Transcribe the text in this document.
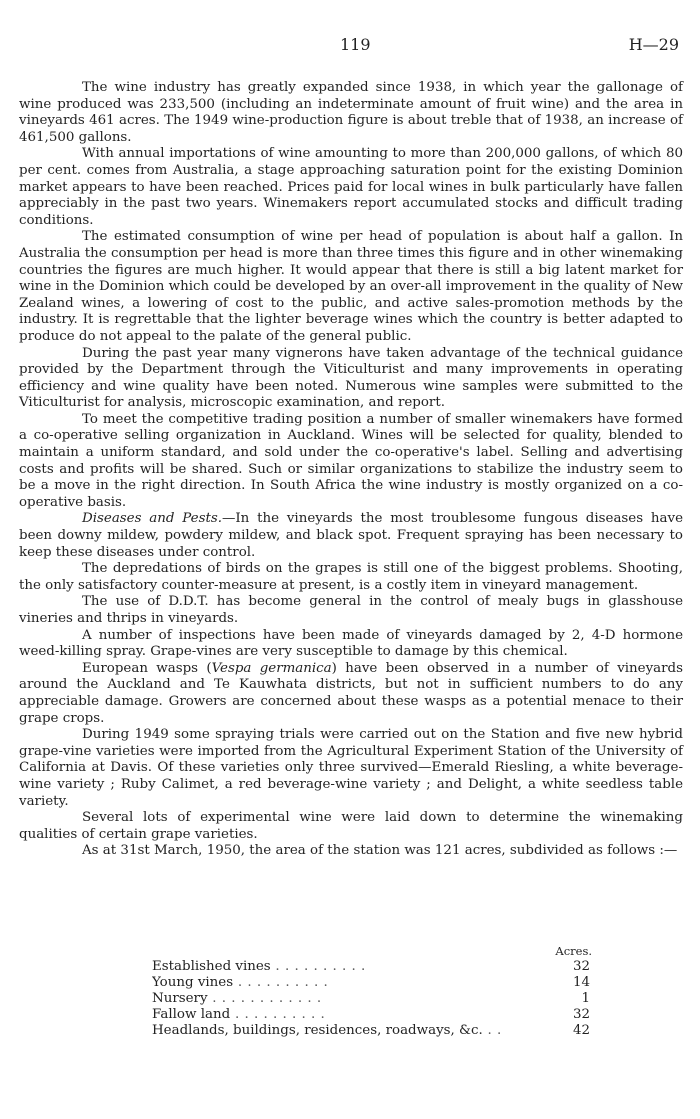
119	H—29

The wine industry has greatly expanded since 1938, in which year the gallonage of wine produced was 233,500 (including an indeterminate amount of fruit wine) and the area in vineyards 461 acres. The 1949 wine-production figure is about treble that of 1938, an increase of 461,500 gallons.

With annual importations of wine amounting to more than 200,000 gallons, of which 80 per cent. comes from Australia, a stage approaching saturation point for the existing Dominion market appears to have been reached. Prices paid for local wines in bulk particularly have fallen appreciably in the past two years. Winemakers report accumulated stocks and difficult trading conditions.

The estimated consumption of wine per head of population is about half a gallon. In Australia the consumption per head is more than three times this figure and in other winemaking countries the figures are much higher. It would appear that there is still a big latent market for wine in the Dominion which could be developed by an over-all improvement in the quality of New Zealand wines, a lowering of cost to the public, and active sales-promotion methods by the industry. It is regrettable that the lighter beverage wines which the country is better adapted to produce do not appeal to the palate of the general public.

During the past year many vignerons have taken advantage of the technical guidance provided by the Department through the Viticulturist and many improvements in operating efficiency and wine quality have been noted. Numerous wine samples were submitted to the Viticulturist for analysis, microscopic examination, and report.

To meet the competitive trading position a number of smaller winemakers have formed a co-operative selling organization in Auckland. Wines will be selected for quality, blended to maintain a uniform standard, and sold under the co-operative's label. Selling and advertising costs and profits will be shared. Such or similar organizations to stabilize the industry seem to be a move in the right direction. In South Africa the wine industry is mostly organized on a co-operative basis.

Diseases and Pests.—In the vineyards the most troublesome fungous diseases have been downy mildew, powdery mildew, and black spot. Frequent spraying has been necessary to keep these diseases under control.

The depredations of birds on the grapes is still one of the biggest problems. Shooting, the only satisfactory counter-measure at present, is a costly item in vineyard management.

The use of D.D.T. has become general in the control of mealy bugs in glasshouse vineries and thrips in vineyards.

A number of inspections have been made of vineyards damaged by 2, 4-D hormone weed-killing spray. Grape-vines are very susceptible to damage by this chemical.

European wasps (Vespa germanica) have been observed in a number of vineyards around the Auckland and Te Kauwhata districts, but not in sufficient numbers to do any appreciable damage. Growers are concerned about these wasps as a potential menace to their grape crops.

During 1949 some spraying trials were carried out on the Station and five new hybrid grape-vine varieties were imported from the Agricultural Experiment Station of the University of California at Davis. Of these varieties only three survived—Emerald Riesling, a white beverage-wine variety ; Ruby Calimet, a red beverage-wine variety ; and Delight, a white seedless table variety.

Several lots of experimental wine were laid down to determine the winemaking qualities of certain grape varieties.

As at 31st March, 1950, the area of the station was 121 acres, subdivided as follows :—

	Acres.
Established vines . . . . . . . . . .	32
Young vines . . . . . . . . . .	14
Nursery . . . . . . . . . . . .	1
Fallow land . . . . . . . . . .	32
Headlands, buildings, residences, roadways, &c. . .	42
